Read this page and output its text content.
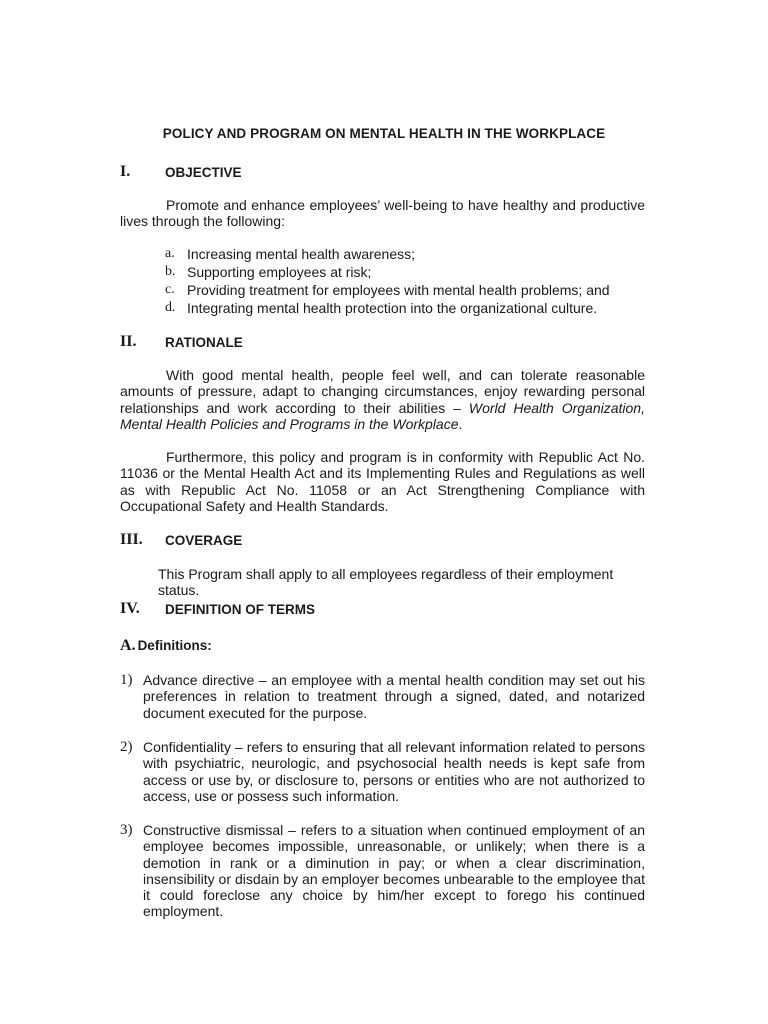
POLICY AND PROGRAM ON MENTAL HEALTH IN THE WORKPLACE
I.	OBJECTIVE
Promote and enhance employees’ well-being to have healthy and productive lives through the following:
a. Increasing mental health awareness;
b. Supporting employees at risk;
c. Providing treatment for employees with mental health problems; and
d. Integrating mental health protection into the organizational culture.
II. RATIONALE
With good mental health, people feel well, and can tolerate reasonable amounts of pressure, adapt to changing circumstances, enjoy rewarding personal relationships and work according to their abilities – World Health Organization, Mental Health Policies and Programs in the Workplace.
Furthermore, this policy and program is in conformity with Republic Act No. 11036 or the Mental Health Act and its Implementing Rules and Regulations as well as with Republic Act No. 11058 or an Act Strengthening Compliance with Occupational Safety and Health Standards.
III. COVERAGE
This Program shall apply to all employees regardless of their employment status.
IV. DEFINITION OF TERMS
A. Definitions:
1) Advance directive – an employee with a mental health condition may set out his preferences in relation to treatment through a signed, dated, and notarized document executed for the purpose.
2) Confidentiality – refers to ensuring that all relevant information related to persons with psychiatric, neurologic, and psychosocial health needs is kept safe from access or use by, or disclosure to, persons or entities who are not authorized to access, use or possess such information.
3) Constructive dismissal – refers to a situation when continued employment of an employee becomes impossible, unreasonable, or unlikely; when there is a demotion in rank or a diminution in pay; or when a clear discrimination, insensibility or disdain by an employer becomes unbearable to the employee that it could foreclose any choice by him/her except to forego his continued employment.
